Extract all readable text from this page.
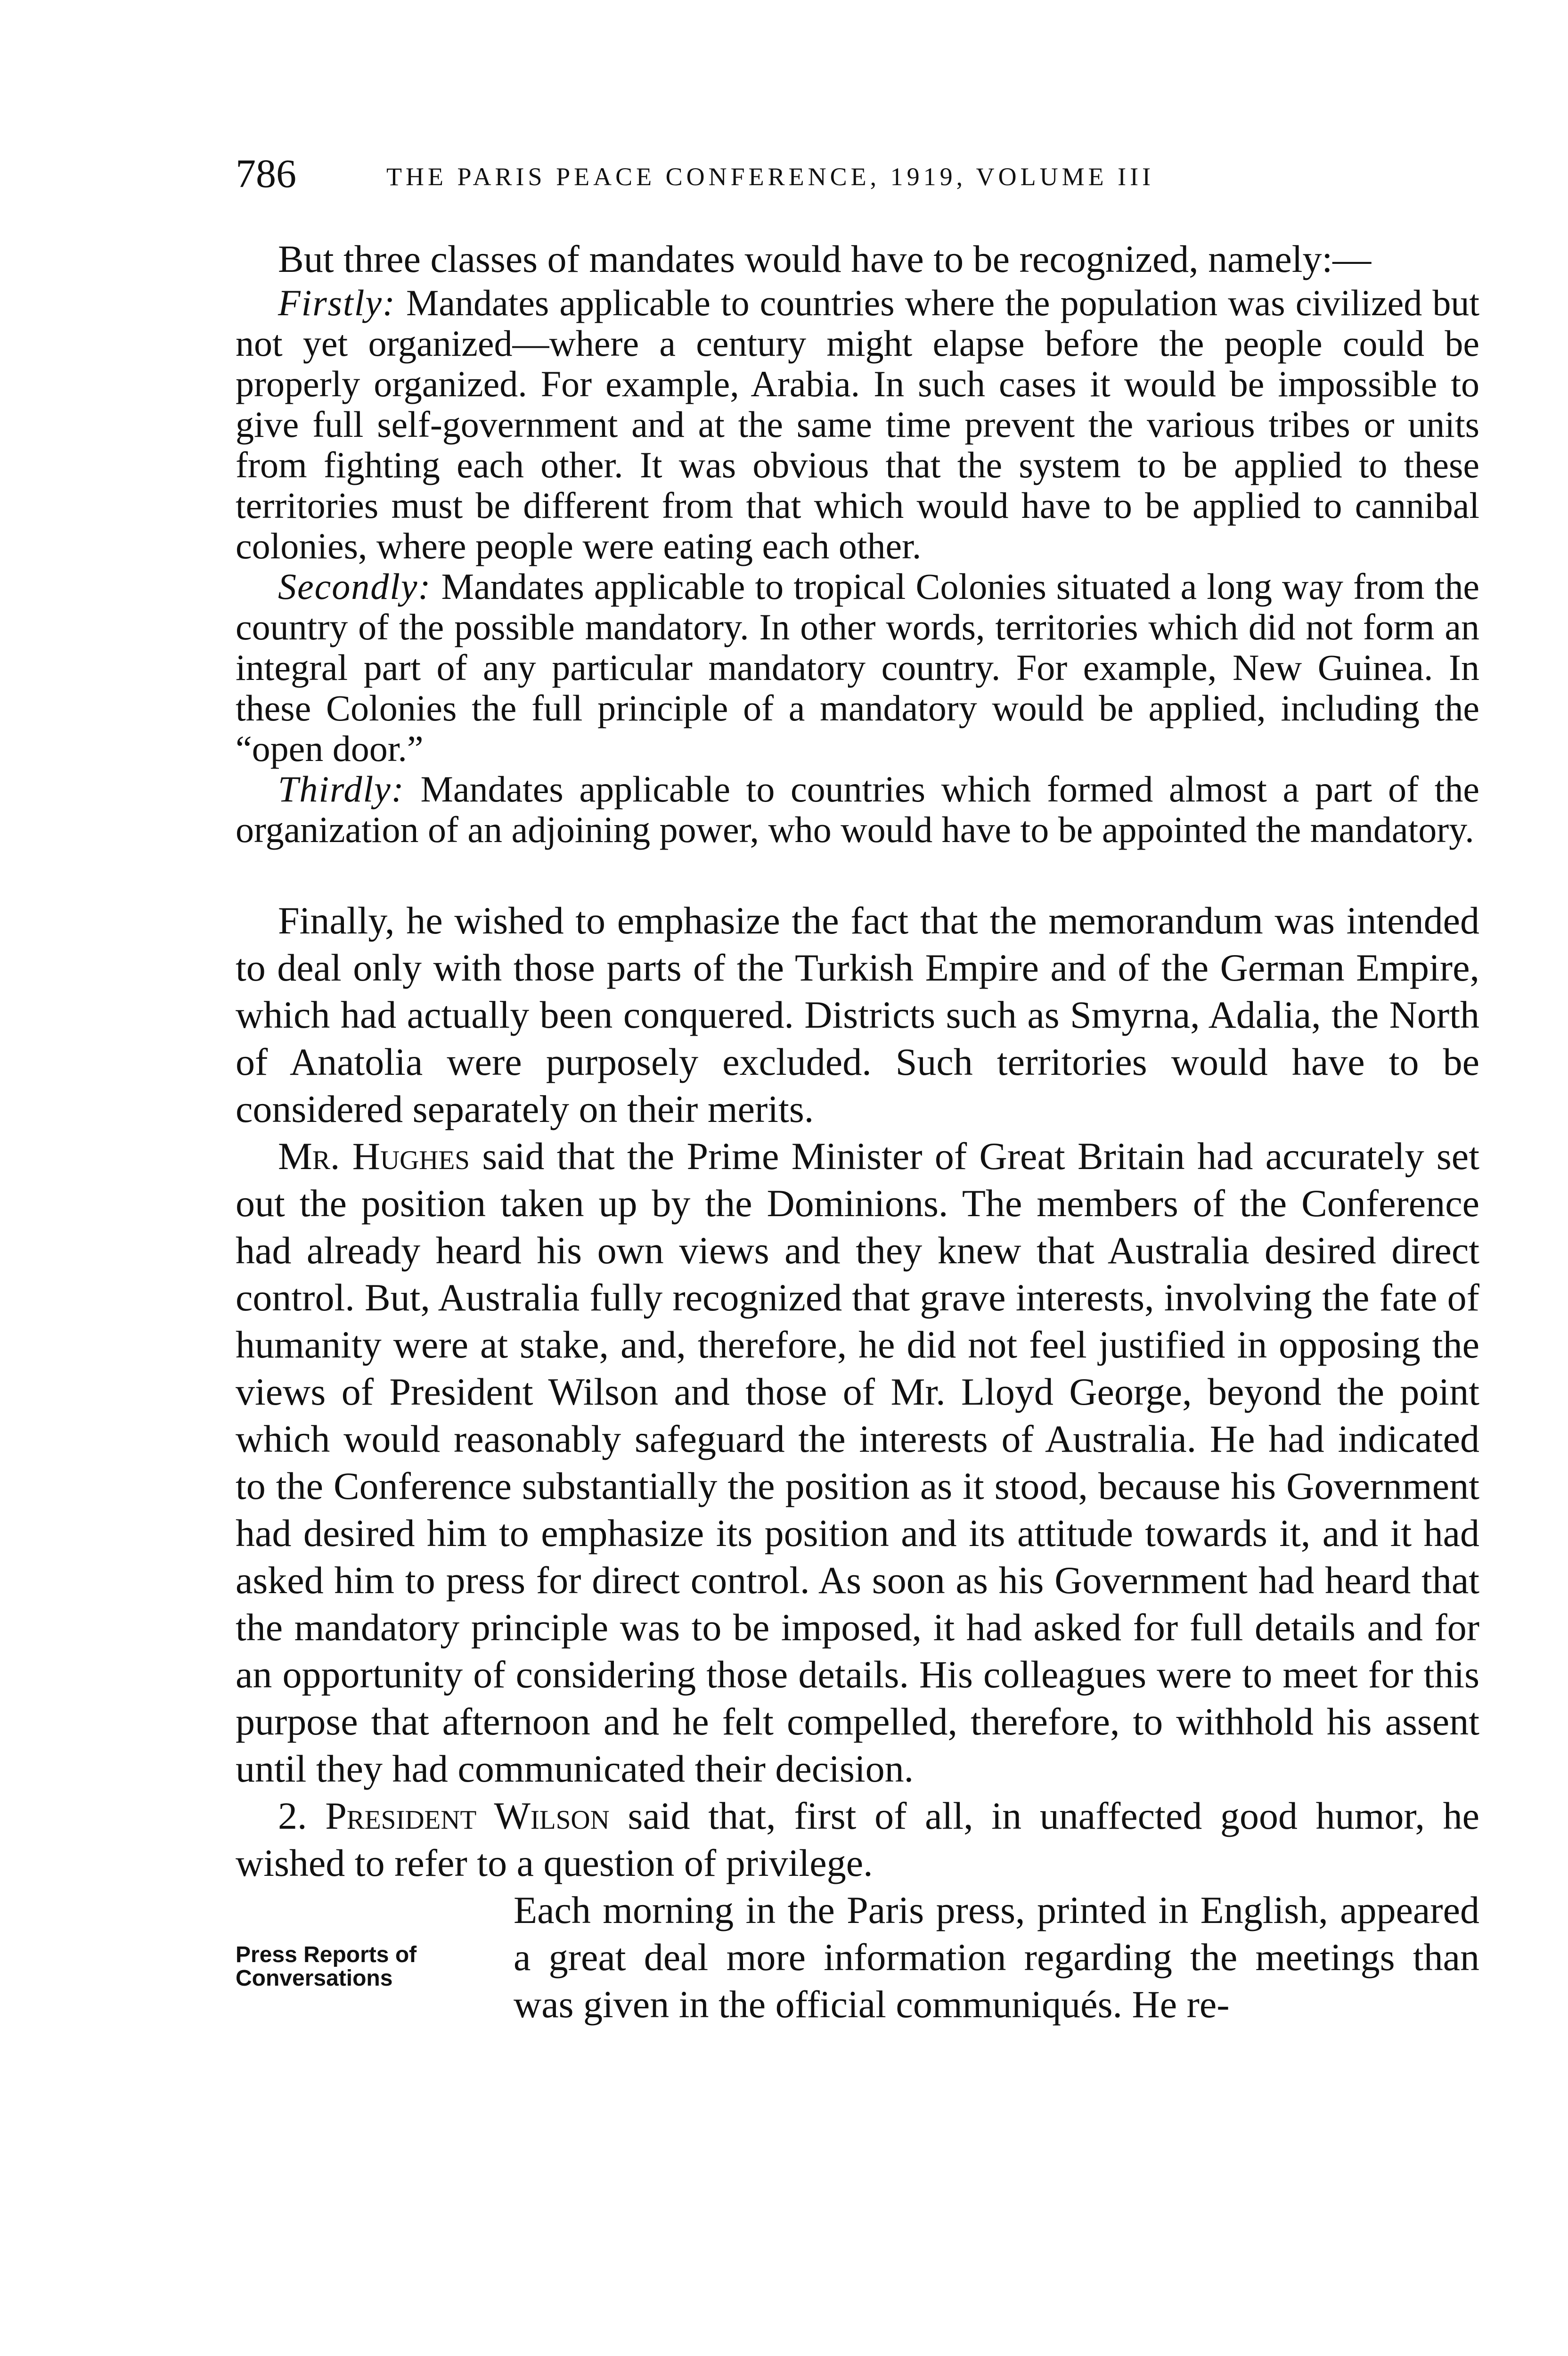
786	THE PARIS PEACE CONFERENCE, 1919, VOLUME III

But three classes of mandates would have to be recognized, namely:—

Firstly: Mandates applicable to countries where the population was civilized but not yet organized—where a century might elapse before the people could be properly organized. For example, Arabia. In such cases it would be impossible to give full self-government and at the same time prevent the various tribes or units from fighting each other. It was obvious that the system to be applied to these territories must be different from that which would have to be applied to cannibal colonies, where people were eating each other.

Secondly: Mandates applicable to tropical Colonies situated a long way from the country of the possible mandatory. In other words, territories which did not form an integral part of any particular mandatory country. For example, New Guinea. In these Colonies the full principle of a mandatory would be applied, including the “open door.”

Thirdly: Mandates applicable to countries which formed almost a part of the organization of an adjoining power, who would have to be appointed the mandatory.

Finally, he wished to emphasize the fact that the memorandum was intended to deal only with those parts of the Turkish Empire and of the German Empire, which had actually been conquered. Districts such as Smyrna, Adalia, the North of Anatolia were purposely excluded. Such territories would have to be considered separately on their merits.

Mr. Hughes said that the Prime Minister of Great Britain had accurately set out the position taken up by the Dominions. The members of the Conference had already heard his own views and they knew that Australia desired direct control. But, Australia fully recognized that grave interests, involving the fate of humanity were at stake, and, therefore, he did not feel justified in opposing the views of President Wilson and those of Mr. Lloyd George, beyond the point which would reasonably safeguard the interests of Australia. He had indicated to the Conference substantially the position as it stood, because his Government had desired him to emphasize its position and its attitude towards it, and it had asked him to press for direct control. As soon as his Government had heard that the mandatory principle was to be imposed, it had asked for full details and for an opportunity of considering those details. His colleagues were to meet for this purpose that afternoon and he felt compelled, therefore, to withhold his assent until they had communicated their decision.

2. President Wilson said that, first of all, in unaffected good humor, he wished to refer to a question of privilege.

Press Reports of Conversations
Each morning in the Paris press, printed in English, appeared a great deal more information regarding the meetings than was given in the official communiqués. He re-
